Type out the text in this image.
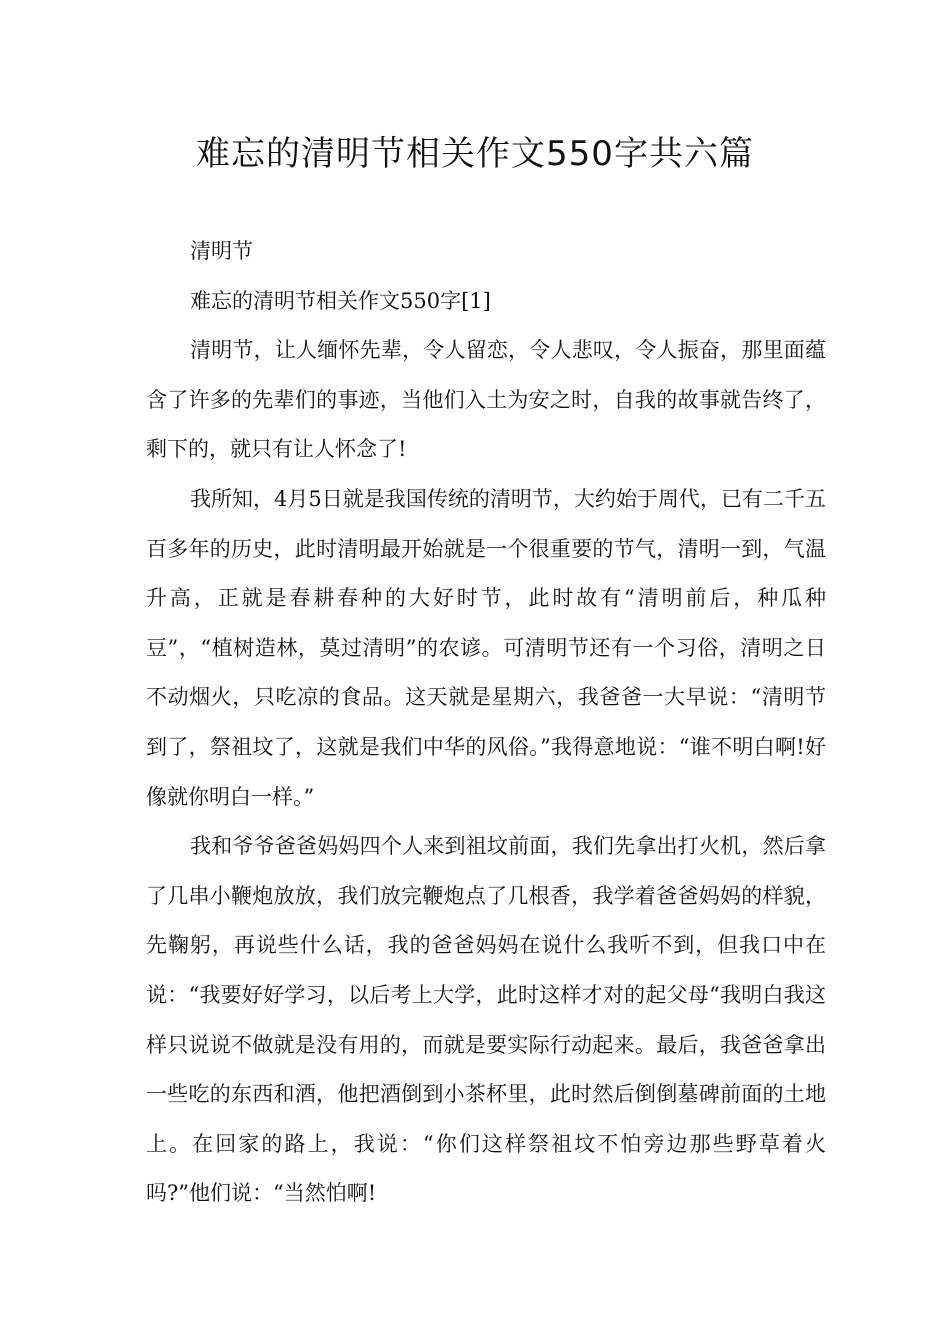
难忘的清明节相关作文550字共六篇

清明节

难忘的清明节相关作文550字[1]

清明节，让人缅怀先辈，令人留恋，令人悲叹，令人振奋，那里面蕴含了许多的先辈们的事迹，当他们入土为安之时，自我的故事就告终了，剩下的，就只有让人怀念了!

我所知，4月5日就是我国传统的清明节，大约始于周代，已有二千五百多年的历史，此时清明最开始就是一个很重要的节气，清明一到，气温升高，正就是春耕春种的大好时节，此时故有“清明前后，种瓜种豆”，“植树造林，莫过清明”的农谚。可清明节还有一个习俗，清明之日不动烟火，只吃凉的食品。这天就是星期六，我爸爸一大早说：“清明节到了，祭祖坟了，这就是我们中华的风俗。”我得意地说：“谁不明白啊!好像就你明白一样。”

我和爷爷爸爸妈妈四个人来到祖坟前面，我们先拿出打火机，然后拿了几串小鞭炮放放，我们放完鞭炮点了几根香，我学着爸爸妈妈的样貌，先鞠躬，再说些什么话，我的爸爸妈妈在说什么我听不到，但我口中在说：“我要好好学习，以后考上大学，此时这样才对的起父母“我明白我这样只说说不做就是没有用的，而就是要实际行动起来。最后，我爸爸拿出一些吃的东西和酒，他把酒倒到小茶杯里，此时然后倒倒墓碑前面的土地上。在回家的路上，我说：“你们这样祭祖坟不怕旁边那些野草着火吗?”他们说：“当然怕啊!
